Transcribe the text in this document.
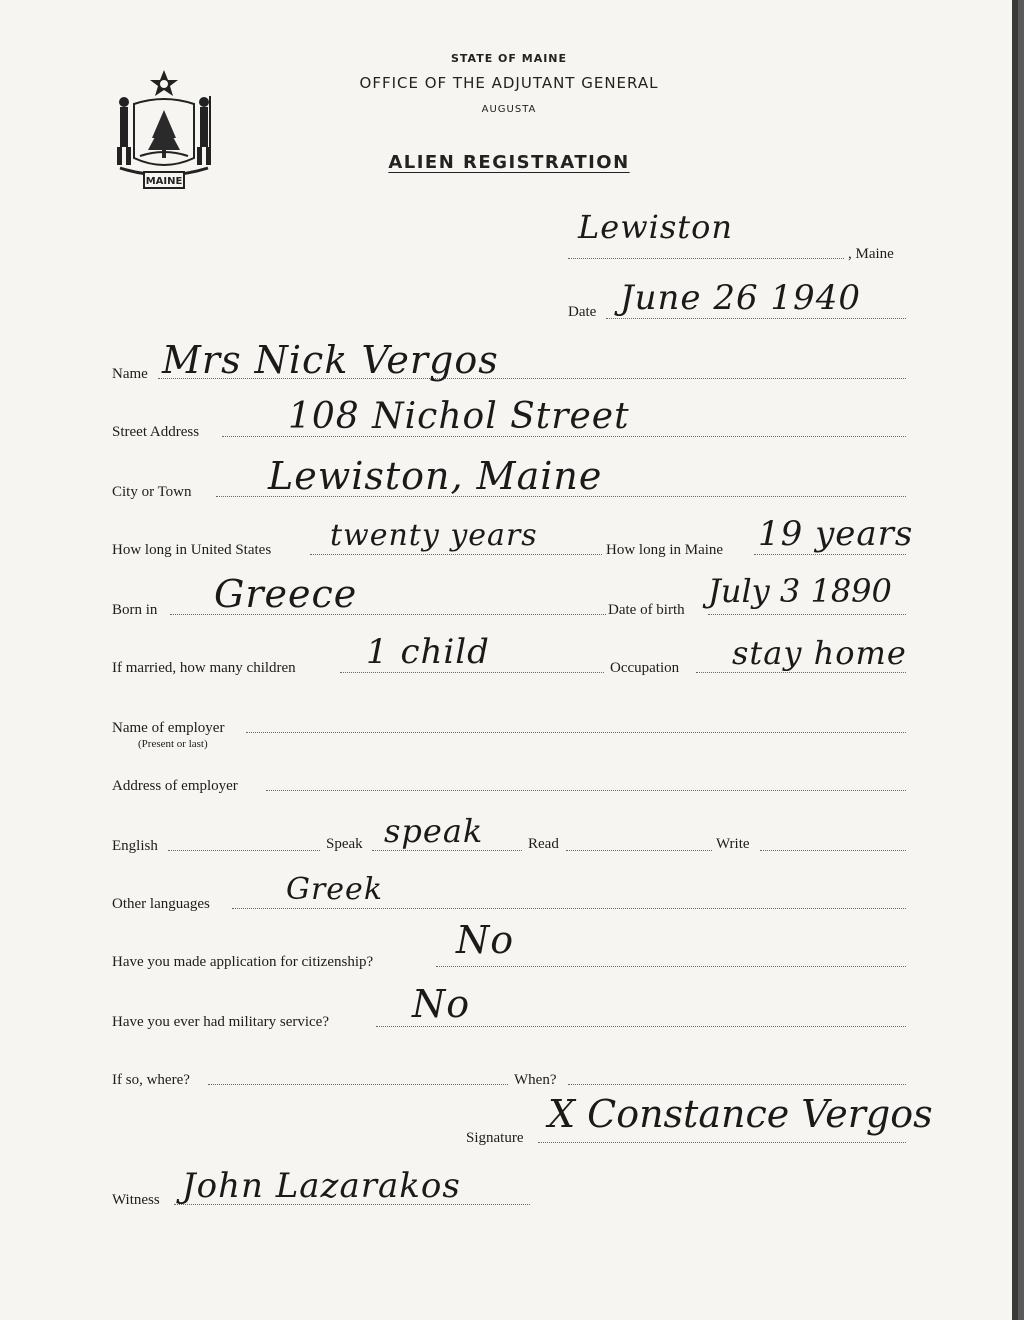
MAINE
STATE OF MAINE
OFFICE OF THE ADJUTANT GENERAL
AUGUSTA
ALIEN REGISTRATION
Lewiston
, Maine
Date June 26 1940
Name Mrs Nick Vergos
Street Address 108 Nichol Street
City or Town Lewiston, Maine
How long in United States twenty years	How long in Maine 19 years
Born in Greece	Date of birth July 3 1890
If married, how many children 1 child	Occupation stay home
Name of employer
(Present or last)
Address of employer
English	Speak speak	Read	Write
Other languages	Greek
Have you made application for citizenship? No
Have you ever had military service? No
If so, where?	When?
Signature
X Constance Vergos
Witness John Lazarakos
